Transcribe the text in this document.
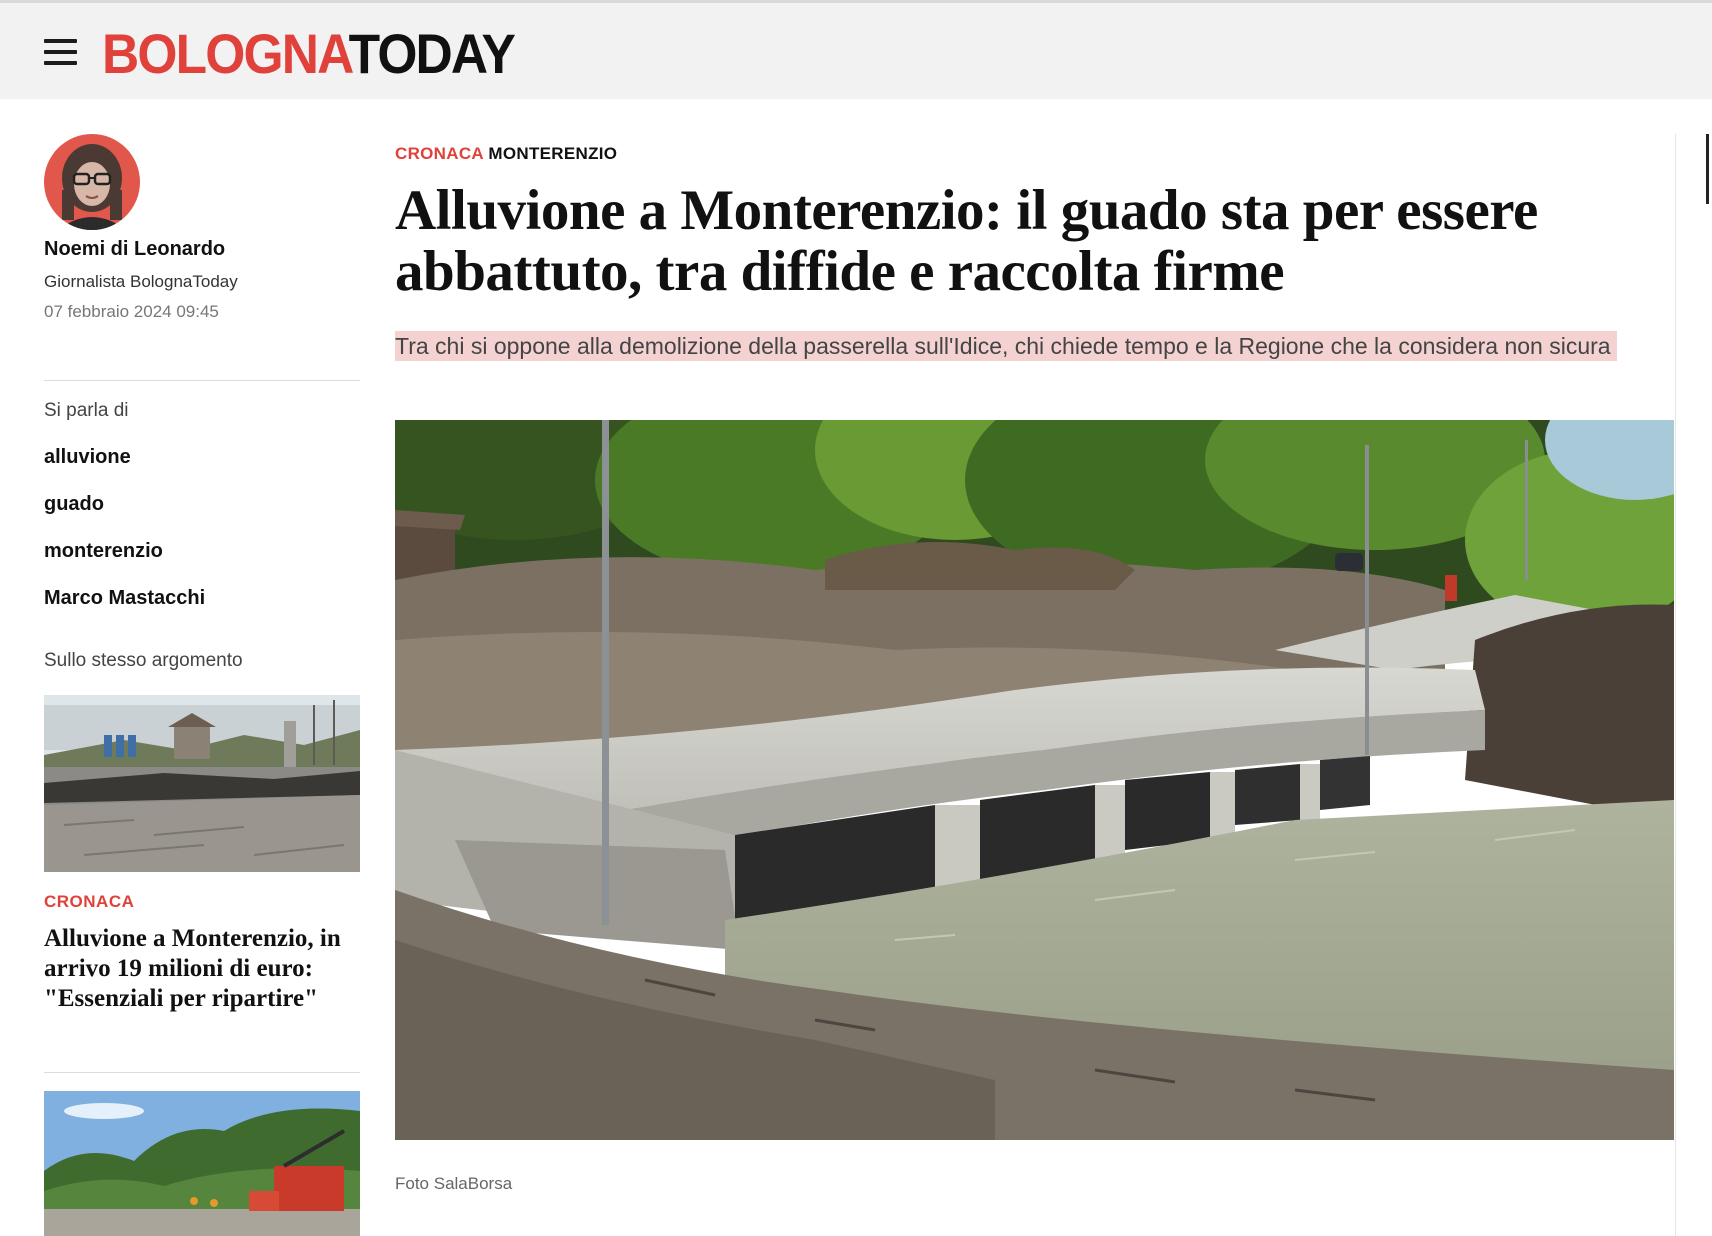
BOLOGNATODAY
Noemi di Leonardo
Giornalista BolognaToday
07 febbraio 2024 09:45
Si parla di
alluvione
guado
monterenzio
Marco Mastacchi
Sullo stesso argomento
CRONACA
Alluvione a Monterenzio, in arrivo 19 milioni di euro: "Essenziali per ripartire"
CRONACA MONTERENZIO
Alluvione a Monterenzio: il guado sta per essere abbattuto, tra diffide e raccolta firme
Tra chi si oppone alla demolizione della passerella sull'Idice, chi chiede tempo e la Regione che la considera non sicura
Foto SalaBorsa
